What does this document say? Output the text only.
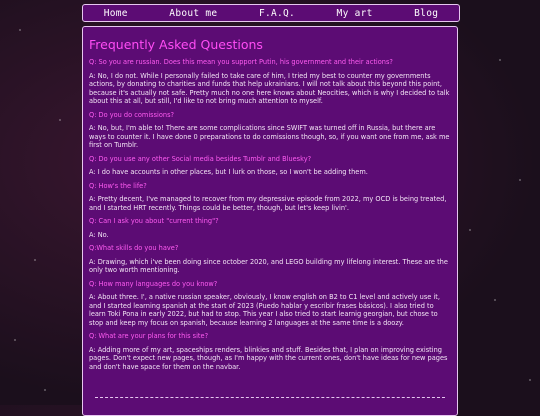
Home	About me	F.A.Q.	My art	Blog
Frequently Asked Questions

Q: So you are russian. Does this mean you support Putin, his government and their actions?

A: No, I do not. While I personally failed to take care of him, I tried my best to counter my governments actions, by donating to charities and funds that help ukrainians. I will not talk about this beyond this point, because it's actually not safe. Pretty much no one here knows about Neocities, which is why I decided to talk about this at all, but still, I'd like to not bring much attention to myself.

Q: Do you do comissions?

A: No, but, I'm able to! There are some complications since SWIFT was turned off in Russia, but there are ways to counter it. I have done 0 preparations to do comissions though, so, if you want one from me, ask me first on Tumblr.

Q: Do you use any other Social media besides Tumblr and Bluesky?

A: I do have accounts in other places, but I lurk on those, so I won't be adding them.

Q: How's the life?

A: Pretty decent, I've managed to recover from my depressive episode from 2022, my OCD is being treated, and I started HRT recently. Things could be better, though, but let's keep livin'.

Q: Can I ask you about "current thing"?

A: No.

Q:What skills do you have?

A: Drawing, which i've been doing since october 2020, and LEGO building my lifelong interest. These are the only two worth mentioning.

Q: How many languages do you know?

A: About three. I', a native russian speaker, obviously, I know english on B2 to C1 level and actively use it, and I started learning spanish at the start of 2023 (Puedo hablar y escribir frases básicos). I also tried to learn Toki Pona in early 2022, but had to stop. This year I also tried to start learnig georgian, but chose to stop and keep my focus on spanish, because learning 2 languages at the same time is a doozy.

Q: What are your plans for this site?

A: Adding more of my art, spaceships renders, blinkies and stuff. Besides that, I plan on improving existing pages. Don't expect new pages, though, as I'm happy with the current ones, don't have ideas for new pages and don't have space for them on the navbar.
